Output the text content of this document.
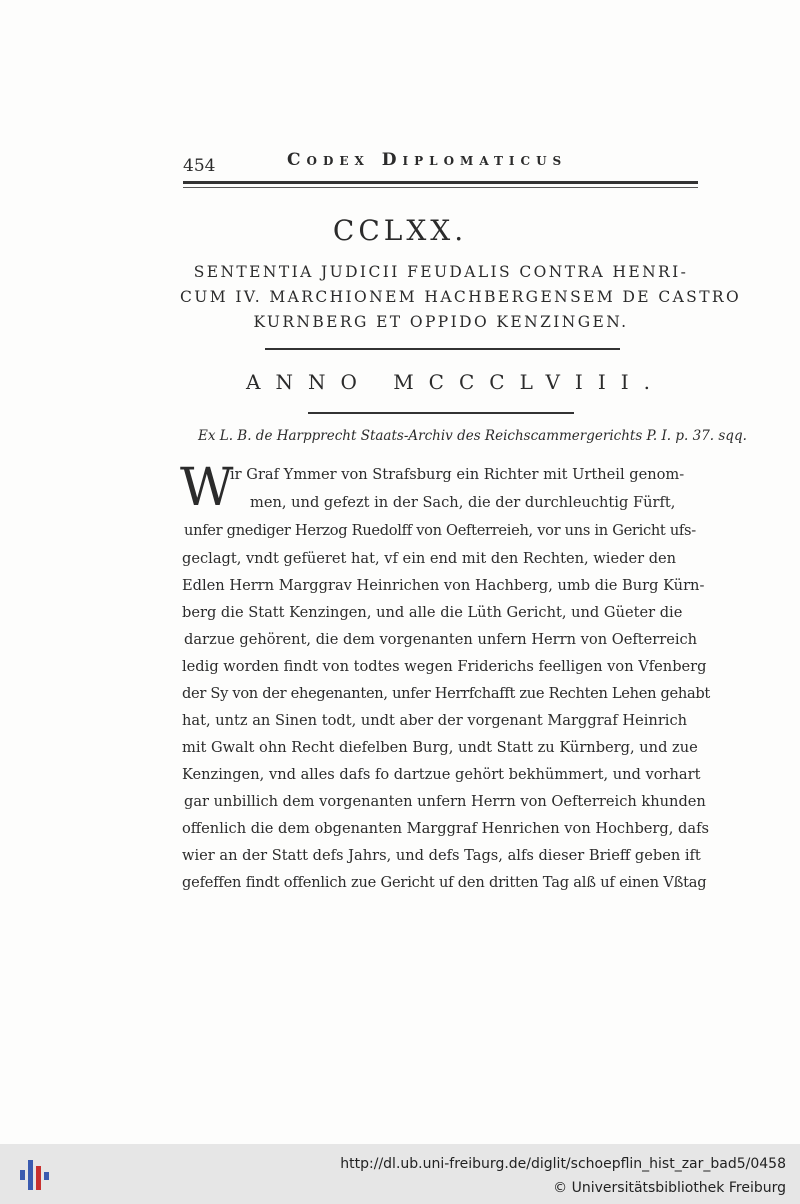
454	Codex Diplomaticus
CCLXX.
SENTENTIA JUDICII FEUDALIS CONTRA HENRI-
CUM IV. MARCHIONEM HACHBERGENSEM DE CASTRO
KURNBERG ET OPPIDO KENZINGEN.
ANNO MCCCLVIII.
Ex L. B. de Harpprecht Staats-Archiv des Reichscammergerichts P. I. p. 37. sqq.
W
ir Graf Ymmer von Strafsburg ein Richter mit Urtheil genom-
men, und gefezt in der Sach, die der durchleuchtig Fürft,
unfer gnediger Herzog Ruedolff von Oefterreieh, vor uns in Gericht ufs-
geclagt, vndt gefüeret hat, vf ein end mit den Rechten, wieder den
Edlen Herrn Marggrav Heinrichen von Hachberg, umb die Burg Kürn-
berg die Statt Kenzingen, und alle die Lüth Gericht, und Güeter die
darzue gehörent, die dem vorgenanten unfern Herrn von Oefterreich
ledig worden findt von todtes wegen Friderichs feelligen von Vfenberg
der Sy von der ehegenanten, unfer Herrfchafft zue Rechten Lehen gehabt
hat, untz an Sinen todt, undt aber der vorgenant Marggraf Heinrich
mit Gwalt ohn Recht diefelben Burg, undt Statt zu Kürnberg, und zue
Kenzingen, vnd alles dafs fo dartzue gehört bekhümmert, und vorhart
gar unbillich dem vorgenanten unfern Herrn von Oefterreich khunden
offenlich die dem obgenanten Marggraf Henrichen von Hochberg, dafs
wier an der Statt defs Jahrs, und defs Tags, alfs dieser Brieff geben ift
gefeffen findt offenlich zue Gericht uf den dritten Tag alß uf einen Vßtag
http://dl.ub.uni-freiburg.de/diglit/schoepflin_hist_zar_bad5/0458
© Universitätsbibliothek Freiburg
